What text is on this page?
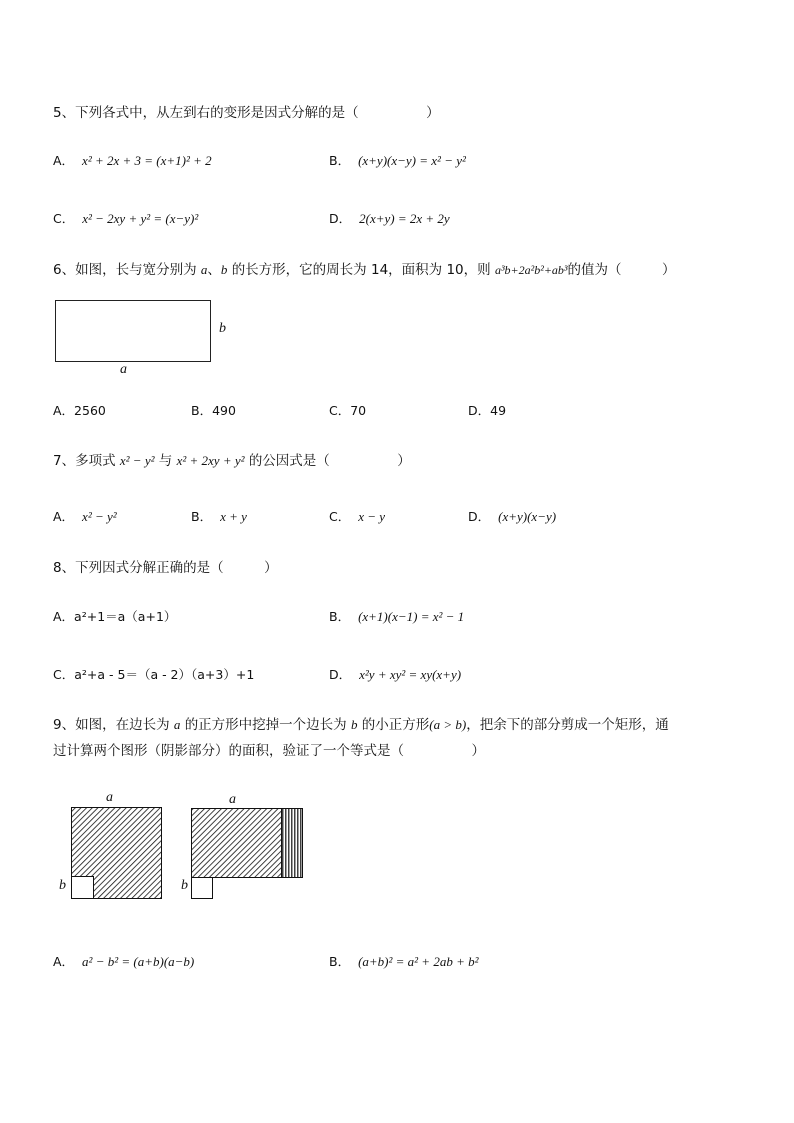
5、下列各式中，从左到右的变形是因式分解的是（　　　　　）
A． x² + 2x + 3 = (x+1)² + 2	B． (x+y)(x−y) = x² − y²
C． x² − 2xy + y² = (x−y)²	D． 2(x+y) = 2x + 2y
6、如图，长与宽分别为 a、b 的长方形，它的周长为 14，面积为 10，则 a³b+2a²b²+ab³的值为（　　　）
b
a
A．2560	B．490	C．70	D．49
7、多项式 x² − y² 与 x² + 2xy + y² 的公因式是（　　　　　）
A． x² − y²	B． x + y	C． x − y	D． (x+y)(x−y)
8、下列因式分解正确的是（　　　）
A．a²+1＝a（a+1）	B． (x+1)(x−1) = x² − 1
C．a²+a - 5＝（a - 2）（a+3）+1	D． x²y + xy² = xy(x+y)
9、如图，在边长为 a 的正方形中挖掉一个边长为 b 的小正方形(a > b)，把余下的部分剪成一个矩形，通
过计算两个图形（阴影部分）的面积，验证了一个等式是（　　　　　）
a
b
a
b
A． a² − b² = (a+b)(a−b)	B． (a+b)² = a² + 2ab + b²
